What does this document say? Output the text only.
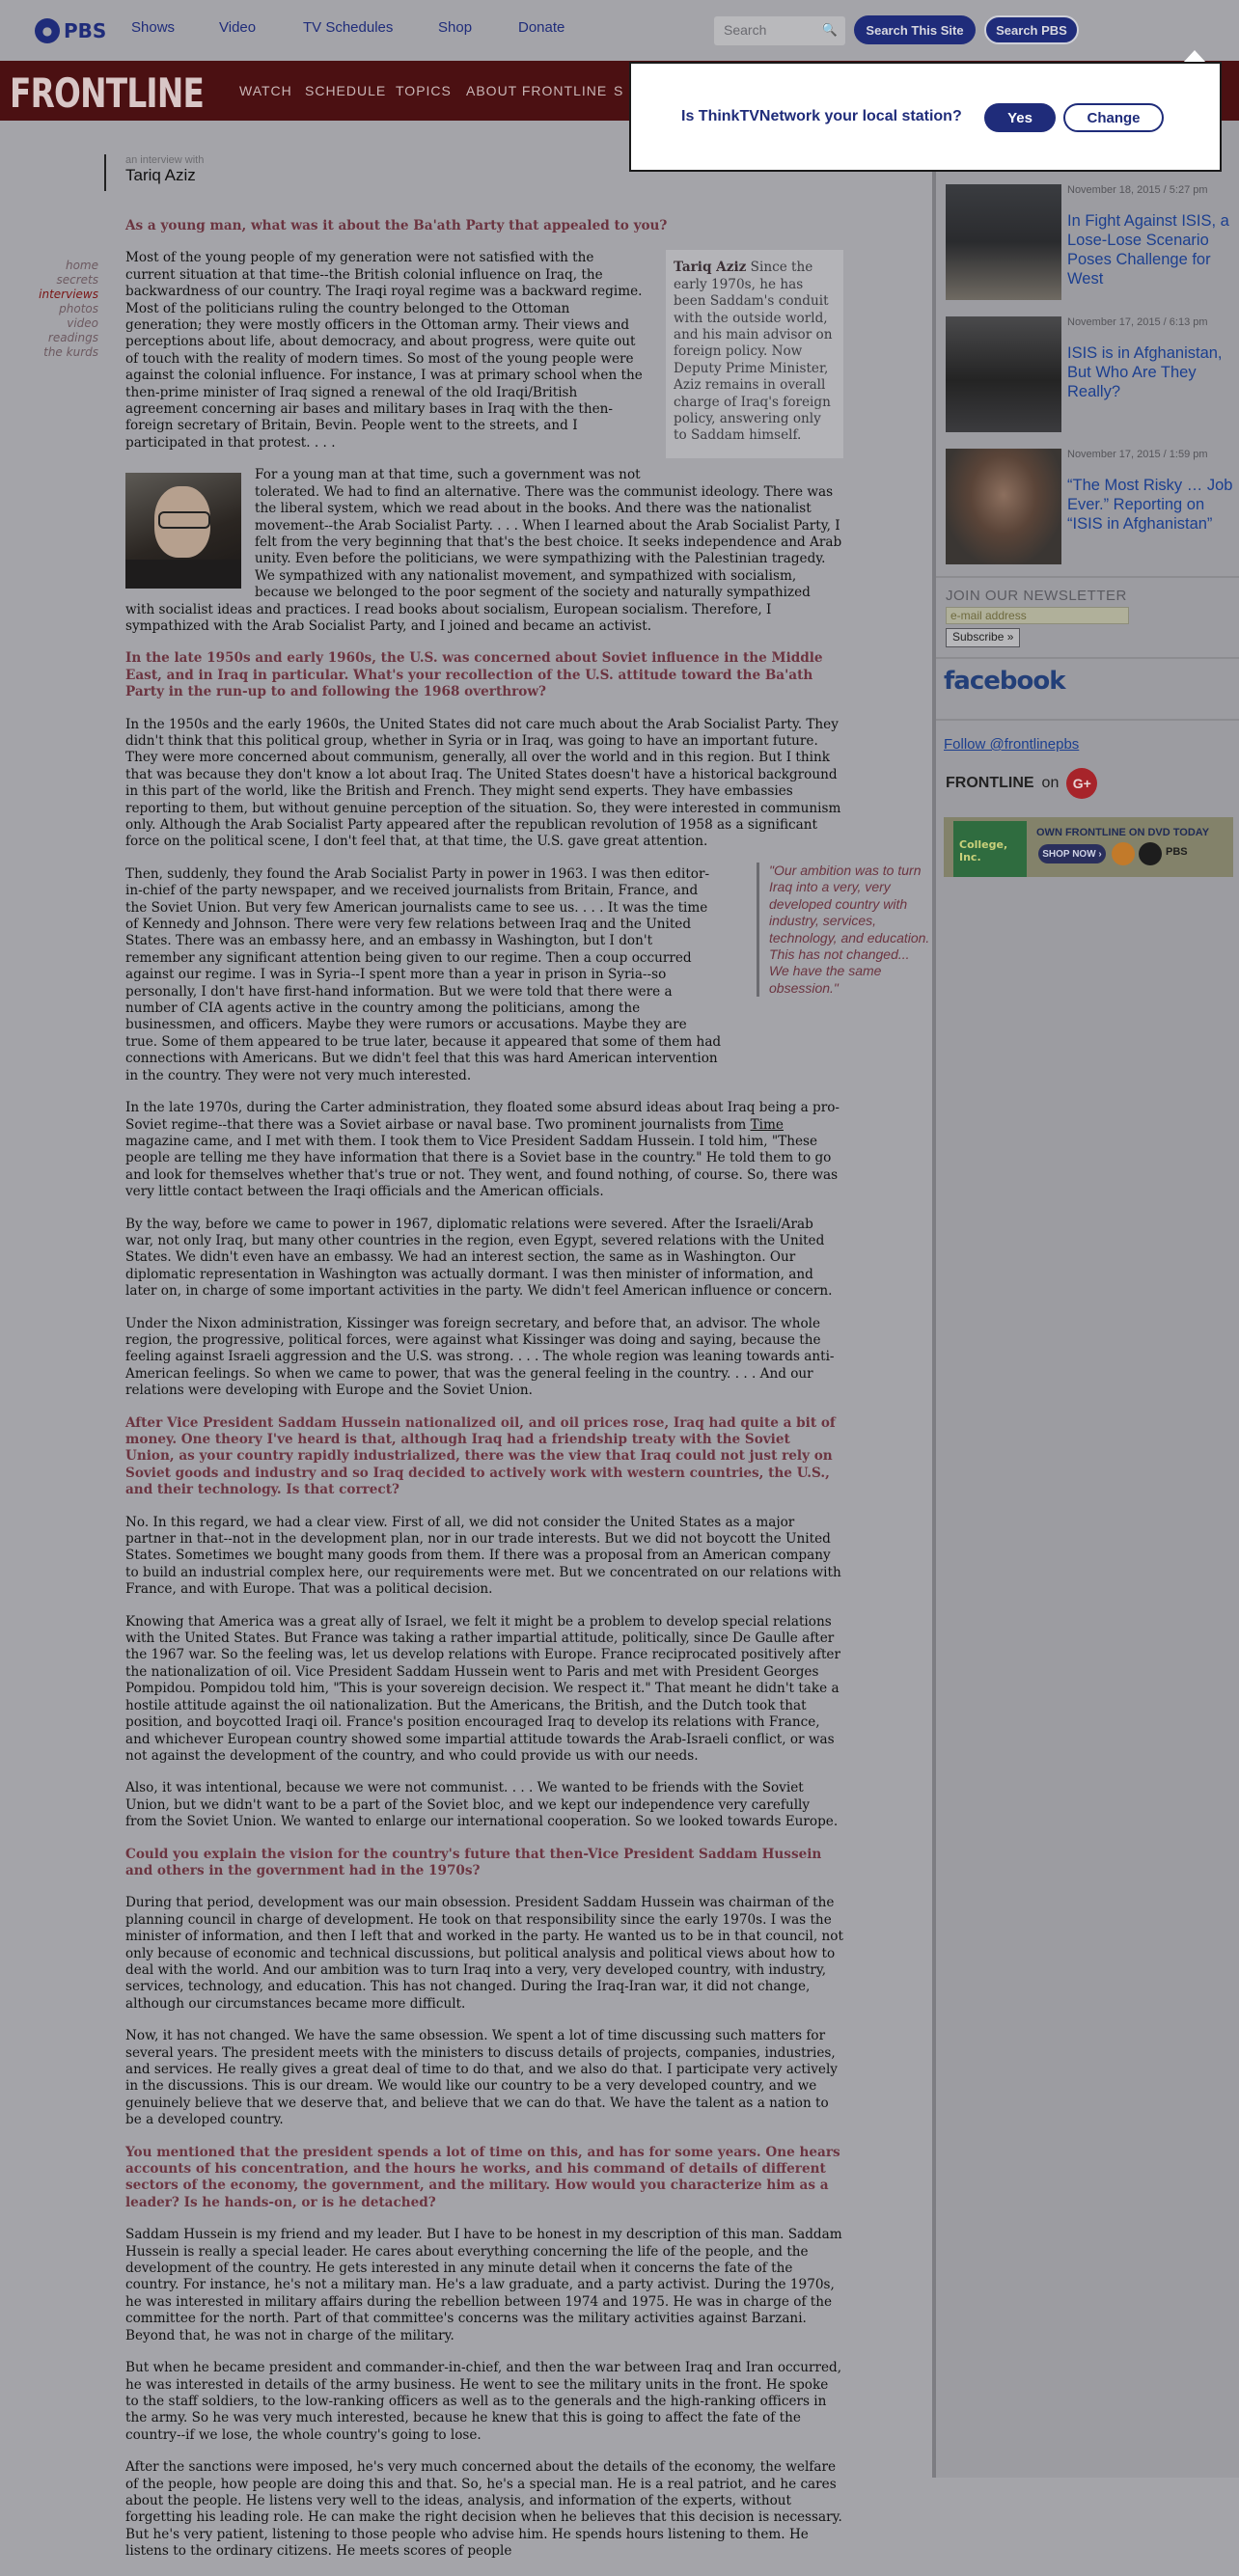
● PBS Shows	Video	TV Schedules	Shop	Donate	Search	🔍	Search This Site	Search PBS
FRONTLINE	WATCH SCHEDULE TOPICS ABOUT FRONTLINE S
an interview with
Tariq Aziz
home
secrets
interviews
photos
video
readings
the kurds

As a young man, what was it about the Ba'ath Party that appealed to you?

Tariq Aziz Since the early 1970s, he has been Saddam's conduit with the outside world, and his main advisor on foreign policy. Now Deputy Prime Minister, Aziz remains in overall charge of Iraq's foreign policy, answering only to Saddam himself.

Most of the young people of my generation were not satisfied with the current situation at that time--the British colonial influence on Iraq, the backwardness of our country. The Iraqi royal regime was a backward regime. Most of the politicians ruling the country belonged to the Ottoman generation; they were mostly officers in the Ottoman army. Their views and perceptions about life, about democracy, and about progress, were quite out of touch with the reality of modern times. So most of the young people were against the colonial influence. For instance, I was at primary school when the then-prime minister of Iraq signed a renewal of the old Iraqi/British agreement concerning air bases and military bases in Iraq with the then-foreign secretary of Britain, Bevin. People went to the streets, and I participated in that protest. . . .

For a young man at that time, such a government was not tolerated. We had to find an alternative. There was the communist ideology. There was the liberal system, which we read about in the books. And there was the nationalist movement--the Arab Socialist Party. . . . When I learned about the Arab Socialist Party, I felt from the very beginning that that's the best choice. It seeks independence and Arab unity. Even before the politicians, we were sympathizing with the Palestinian tragedy. We sympathized with any nationalist movement, and sympathized with socialism, because we belonged to the poor segment of the society and naturally sympathized with socialist ideas and practices. I read books about socialism, European socialism. Therefore, I sympathized with the Arab Socialist Party, and I joined and became an activist.

In the late 1950s and early 1960s, the U.S. was concerned about Soviet influence in the Middle East, and in Iraq in particular. What's your recollection of the U.S. attitude toward the Ba'ath Party in the run-up to and following the 1968 overthrow?

In the 1950s and the early 1960s, the United States did not care much about the Arab Socialist Party. They didn't think that this political group, whether in Syria or in Iraq, was going to have an important future. They were more concerned about communism, generally, all over the world and in this region. But I think that was because they don't know a lot about Iraq. The United States doesn't have a historical background in this part of the world, like the British and French. They might send experts. They have embassies reporting to them, but without genuine perception of the situation. So, they were interested in communism only. Although the Arab Socialist Party appeared after the republican revolution of 1958 as a significant force on the political scene, I don't feel that, at that time, the U.S. gave great attention.

Then, suddenly, they found the Arab Socialist Party in power in 1963. I was then editor-in-chief of the party newspaper, and we received journalists from Britain, France, and the Soviet Union. But very few American journalists came to see us. . . . It was the time of Kennedy and Johnson. There were very few relations between Iraq and the United States. There was an embassy here, and an embassy in Washington, but I don't remember any significant attention being given to our regime. Then a coup occurred against our regime. I was in Syria--I spent more than a year in prison in Syria--so personally, I don't have first-hand information. But we were told that there were a number of CIA agents active in the country among the politicians, among the businessmen, and officers. Maybe they were rumors or accusations. Maybe they are true. Some of them appeared to be true later, because it appeared that some of them had connections with Americans. But we didn't feel that this was hard American intervention in the country. They were not very much interested.

In the late 1970s, during the Carter administration, they floated some absurd ideas about Iraq being a pro-Soviet regime--that there was a Soviet airbase or naval base. Two prominent journalists from Time magazine came, and I met with them. I took them to Vice President Saddam Hussein. I told him, "These people are telling me they have information that there is a Soviet base in the country." He told them to go and look for themselves whether that's true or not. They went, and found nothing, of course. So, there was very little contact between the Iraqi officials and the American officials.

By the way, before we came to power in 1967, diplomatic relations were severed. After the Israeli/Arab war, not only Iraq, but many other countries in the region, even Egypt, severed relations with the United States. We didn't even have an embassy. We had an interest section, the same as in Washington. Our diplomatic representation in Washington was actually dormant. I was then minister of information, and later on, in charge of some important activities in the party. We didn't feel American influence or concern.

Under the Nixon administration, Kissinger was foreign secretary, and before that, an advisor. The whole region, the progressive, political forces, were against what Kissinger was doing and saying, because the feeling against Israeli aggression and the U.S. was strong. . . . The whole region was leaning towards anti-American feelings. So when we came to power, that was the general feeling in the country. . . . And our relations were developing with Europe and the Soviet Union.

After Vice President Saddam Hussein nationalized oil, and oil prices rose, Iraq had quite a bit of money. One theory I've heard is that, although Iraq had a friendship treaty with the Soviet Union, as your country rapidly industrialized, there was the view that Iraq could not just rely on Soviet goods and industry and so Iraq decided to actively work with western countries, the U.S., and their technology. Is that correct?

No. In this regard, we had a clear view. First of all, we did not consider the United States as a major partner in that--not in the development plan, nor in our trade interests. But we did not boycott the United States. Sometimes we bought many goods from them. If there was a proposal from an American company to build an industrial complex here, our requirements were met. But we concentrated on our relations with France, and with Europe. That was a political decision.

Knowing that America was a great ally of Israel, we felt it might be a problem to develop special relations with the United States. But France was taking a rather impartial attitude, politically, since De Gaulle after the 1967 war. So the feeling was, let us develop relations with Europe. France reciprocated positively after the nationalization of oil. Vice President Saddam Hussein went to Paris and met with President Georges Pompidou. Pompidou told him, "This is your sovereign decision. We respect it." That meant he didn't take a hostile attitude against the oil nationalization. But the Americans, the British, and the Dutch took that position, and boycotted Iraqi oil. France's position encouraged Iraq to develop its relations with France, and whichever European country showed some impartial attitude towards the Arab-Israeli conflict, or was not against the development of the country, and who could provide us with our needs.

Also, it was intentional, because we were not communist. . . . We wanted to be friends with the Soviet Union, but we didn't want to be a part of the Soviet bloc, and we kept our independence very carefully from the Soviet Union. We wanted to enlarge our international cooperation. So we looked towards Europe.

Could you explain the vision for the country's future that then-Vice President Saddam Hussein and others in the government had in the 1970s?

During that period, development was our main obsession. President Saddam Hussein was chairman of the planning council in charge of development. He took on that responsibility since the early 1970s. I was the minister of information, and then I left that and worked in the party. He wanted us to be in that council, not only because of economic and technical discussions, but political analysis and political views about how to deal with the world. And our ambition was to turn Iraq into a very, very developed country, with industry, services, technology, and education. This has not changed. During the Iraq-Iran war, it did not change, although our circumstances became more difficult.

Now, it has not changed. We have the same obsession. We spent a lot of time discussing such matters for several years. The president meets with the ministers to discuss details of projects, companies, industries, and services. He really gives a great deal of time to do that, and we also do that. I participate very actively in the discussions. This is our dream. We would like our country to be a very developed country, and we genuinely believe that we deserve that, and believe that we can do that. We have the talent as a nation to be a developed country.

You mentioned that the president spends a lot of time on this, and has for some years. One hears accounts of his concentration, and the hours he works, and his command of details of different sectors of the economy, the government, and the military. How would you characterize him as a leader? Is he hands-on, or is he detached?

Saddam Hussein is my friend and my leader. But I have to be honest in my description of this man. Saddam Hussein is really a special leader. He cares about everything concerning the life of the people, and the development of the country. He gets interested in any minute detail when it concerns the fate of the country. For instance, he's not a military man. He's a law graduate, and a party activist. During the 1970s, he was interested in military affairs during the rebellion between 1974 and 1975. He was in charge of the committee for the north. Part of that committee's concerns was the military activities against Barzani. Beyond that, he was not in charge of the military.

But when he became president and commander-in-chief, and then the war between Iraq and Iran occurred, he was interested in details of the army business. He went to see the military units in the front. He spoke to the staff soldiers, to the low-ranking officers as well as to the generals and the high-ranking officers in the army. So he was very much interested, because he knew that this is going to affect the fate of the country--if we lose, the whole country's going to lose.

After the sanctions were imposed, he's very much concerned about the details of the economy, the welfare of the people, how people are doing this and that. So, he's a special man. He is a real patriot, and he cares about the people. He listens very well to the ideas, analysis, and information of the experts, without forgetting his leading role. He can make the right decision when he believes that this decision is necessary. But he's very patient, listening to those people who advise him. He spends hours listening to them. He listens to the ordinary citizens. He meets scores of people

"Our ambition was to turn Iraq into a very, very developed country with industry, services, technology, and education. This has not changed... We have the same obsession."
November 18, 2015 / 5:27 pm
In Fight Against ISIS, a Lose-Lose Scenario Poses Challenge for West
November 17, 2015 / 6:13 pm
ISIS is in Afghanistan, But Who Are They Really?
November 17, 2015 / 1:59 pm
“The Most Risky … Job Ever.” Reporting on “ISIS in Afghanistan”
JOIN OUR NEWSLETTER
e-mail address
Subscribe »
facebook
Follow @frontlinepbs
FRONTLINE on	G+
College, Inc.
OWN FRONTLINE ON DVD TODAY
SHOP NOW ›	PBS
Is ThinkTVNetwork your local station?	Yes	Change
